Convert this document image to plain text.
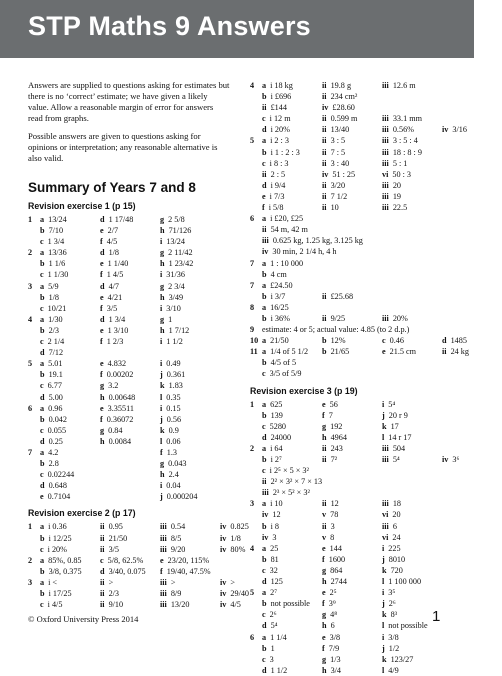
STP Maths 9 Answers

Answers are supplied to questions asking for estimates but there is no ‘correct’ estimate; we have given a likely value. Allow a reasonable margin of error for answers read from graphs.

Possible answers are given to questions asking for opinions or interpretation; any reasonable alternative is also valid.

Summary of Years 7 and 8
Revision exercise 1 (p 15)
1 a 13/24	d 1 17/48	g 2 5/8
b 7/10	e 2/7	h 71/126
c 1 3/4	f 4/5	i 13/24
2 a 13/36	d 1/8	g 2 11/42
b 1 1/6	e 1 1/40	h 1 23/42
c 1 1/30	f 1 4/5	i 31/36
3 a 5/9	d 4/7	g 2 3/4
b 1/8	e 4/21	h 3/49
c 10/21	f 3/5	i 3/10
4 a 1/30	d 1 3/4	g 1
b 2/3	e 1 3/10	h 1 7/12
c 2 1/4	f 1 2/3	i 1 1/2
d 7/12
5 a 5.01	e 4.832	i 0.49
b 19.1	f 0.00202	j 0.361
c 6.77	g 3.2	k 1.83
d 5.00	h 0.00648	l 0.35
6 a 0.96	e 3.35511	i 0.15
b 0.042	f 0.36072	j 0.56
c 0.055	g 0.84	k 0.9
d 0.25	h 0.0084	l 0.06
7 a 4.2	f 1.3
b 2.8	g 0.043
c 0.02244	h 2.4
d 0.648	i 0.04
e 0.7104	j 0.000204
Revision exercise 2 (p 17)
1 a i 0.36	ii 0.95	iii 0.54	iv 0.825
b i 12/25	ii 21/50	iii 8/5	iv 1/8
c i 20%	ii 3/5	iii 9/20	iv 80%
2 a 85%, 0.85	c 5/8, 62.5%	e 23/20, 115%
b 3/8, 0.375	d 3/40, 0.075	f 19/40, 47.5%
3 a i <	ii >	iii >	iv >
b i 17/25	ii 2/3	iii 8/9	iv 29/40
c i 4/5	ii 9/10	iii 13/20	iv 4/5
4 a i 18 kg	ii 19.8 g	iii 12.6 m
b i £696	ii 234 cm²
ii £144	iv £28.60
c i 12 m	ii 0.599 m	iii 33.1 mm
d i 20%	ii 13/40	iii 0.56%	iv 3/16
5 a i 2 : 3	ii 3 : 5	iii 3 : 5 : 4
b i 1 : 2 : 3	ii 7 : 5	iii 18 : 8 : 9
c i 8 : 3	ii 3 : 40	iii 5 : 1
ii 2 : 5	iv 51 : 25	vi 50 : 3
d i 9/4	ii 3/20	iii 20
e i 7/3	ii 7 1/2	iii 19
f i 5/8	ii 10	iii 22.5
6 a i £20, £25
ii 54 m, 42 m
iii 0.625 kg, 1.25 kg, 3.125 kg
iv 30 min, 2 1/4 h, 4 h
7 a 1 : 10 000
b 4 cm
7 a £24.50
b i 3/7	ii £25.68
8 a 16/25
b i 36%	ii 9/25	iii 20%
9 estimate: 4 or 5; actual value: 4.85 (to 2 d.p.)
10 a 21/50	b 12%	c 0.46	d 1485
11 a 1/4 of 5 1/2	b 21/65	e 21.5 cm	ii 24 kg
b 4/5 of 5
c 3/5 of 5/9
Revision exercise 3 (p 19)
1 a 625	e 56	i 5⁴
b 139	f 7	j 20 r 9
c 5280	g 192	k 17
d 24000	h 4964	l 14 r 17
2 a i 64	ii 243	iii 504
b i 2⁷	ii 7²	iii 5⁴	iv 3⁶
c i 2⁵ × 5 × 3²
ii 2² × 3² × 7 × 13
iii 2³ × 5² × 3²
3 a i 10	ii 12	iii 18
iv 12	v 78	vi 20
b i 8	ii 3	iii 6
iv 3	v 8	vi 24
4 a 25	e 144	i 225
b 81	f 1600	j 8010
c 32	g 864	k 720
d 125	h 2744	l 1 100 000
5 a 2⁷	e 2⁵	i 3⁵
b not possible	f 3⁹	j 2⁶
c 2⁶	g 4⁸	k 8³
d 5⁴	h 6	l not possible
6 a 1 1/4	e 3/8	i 3/8
b 1	f 7/9	j 1/2
c 3	g 1/3	k 123/27
d 1 1/2	h 3/4	l 4/9
© Oxford University Press 2014	1
